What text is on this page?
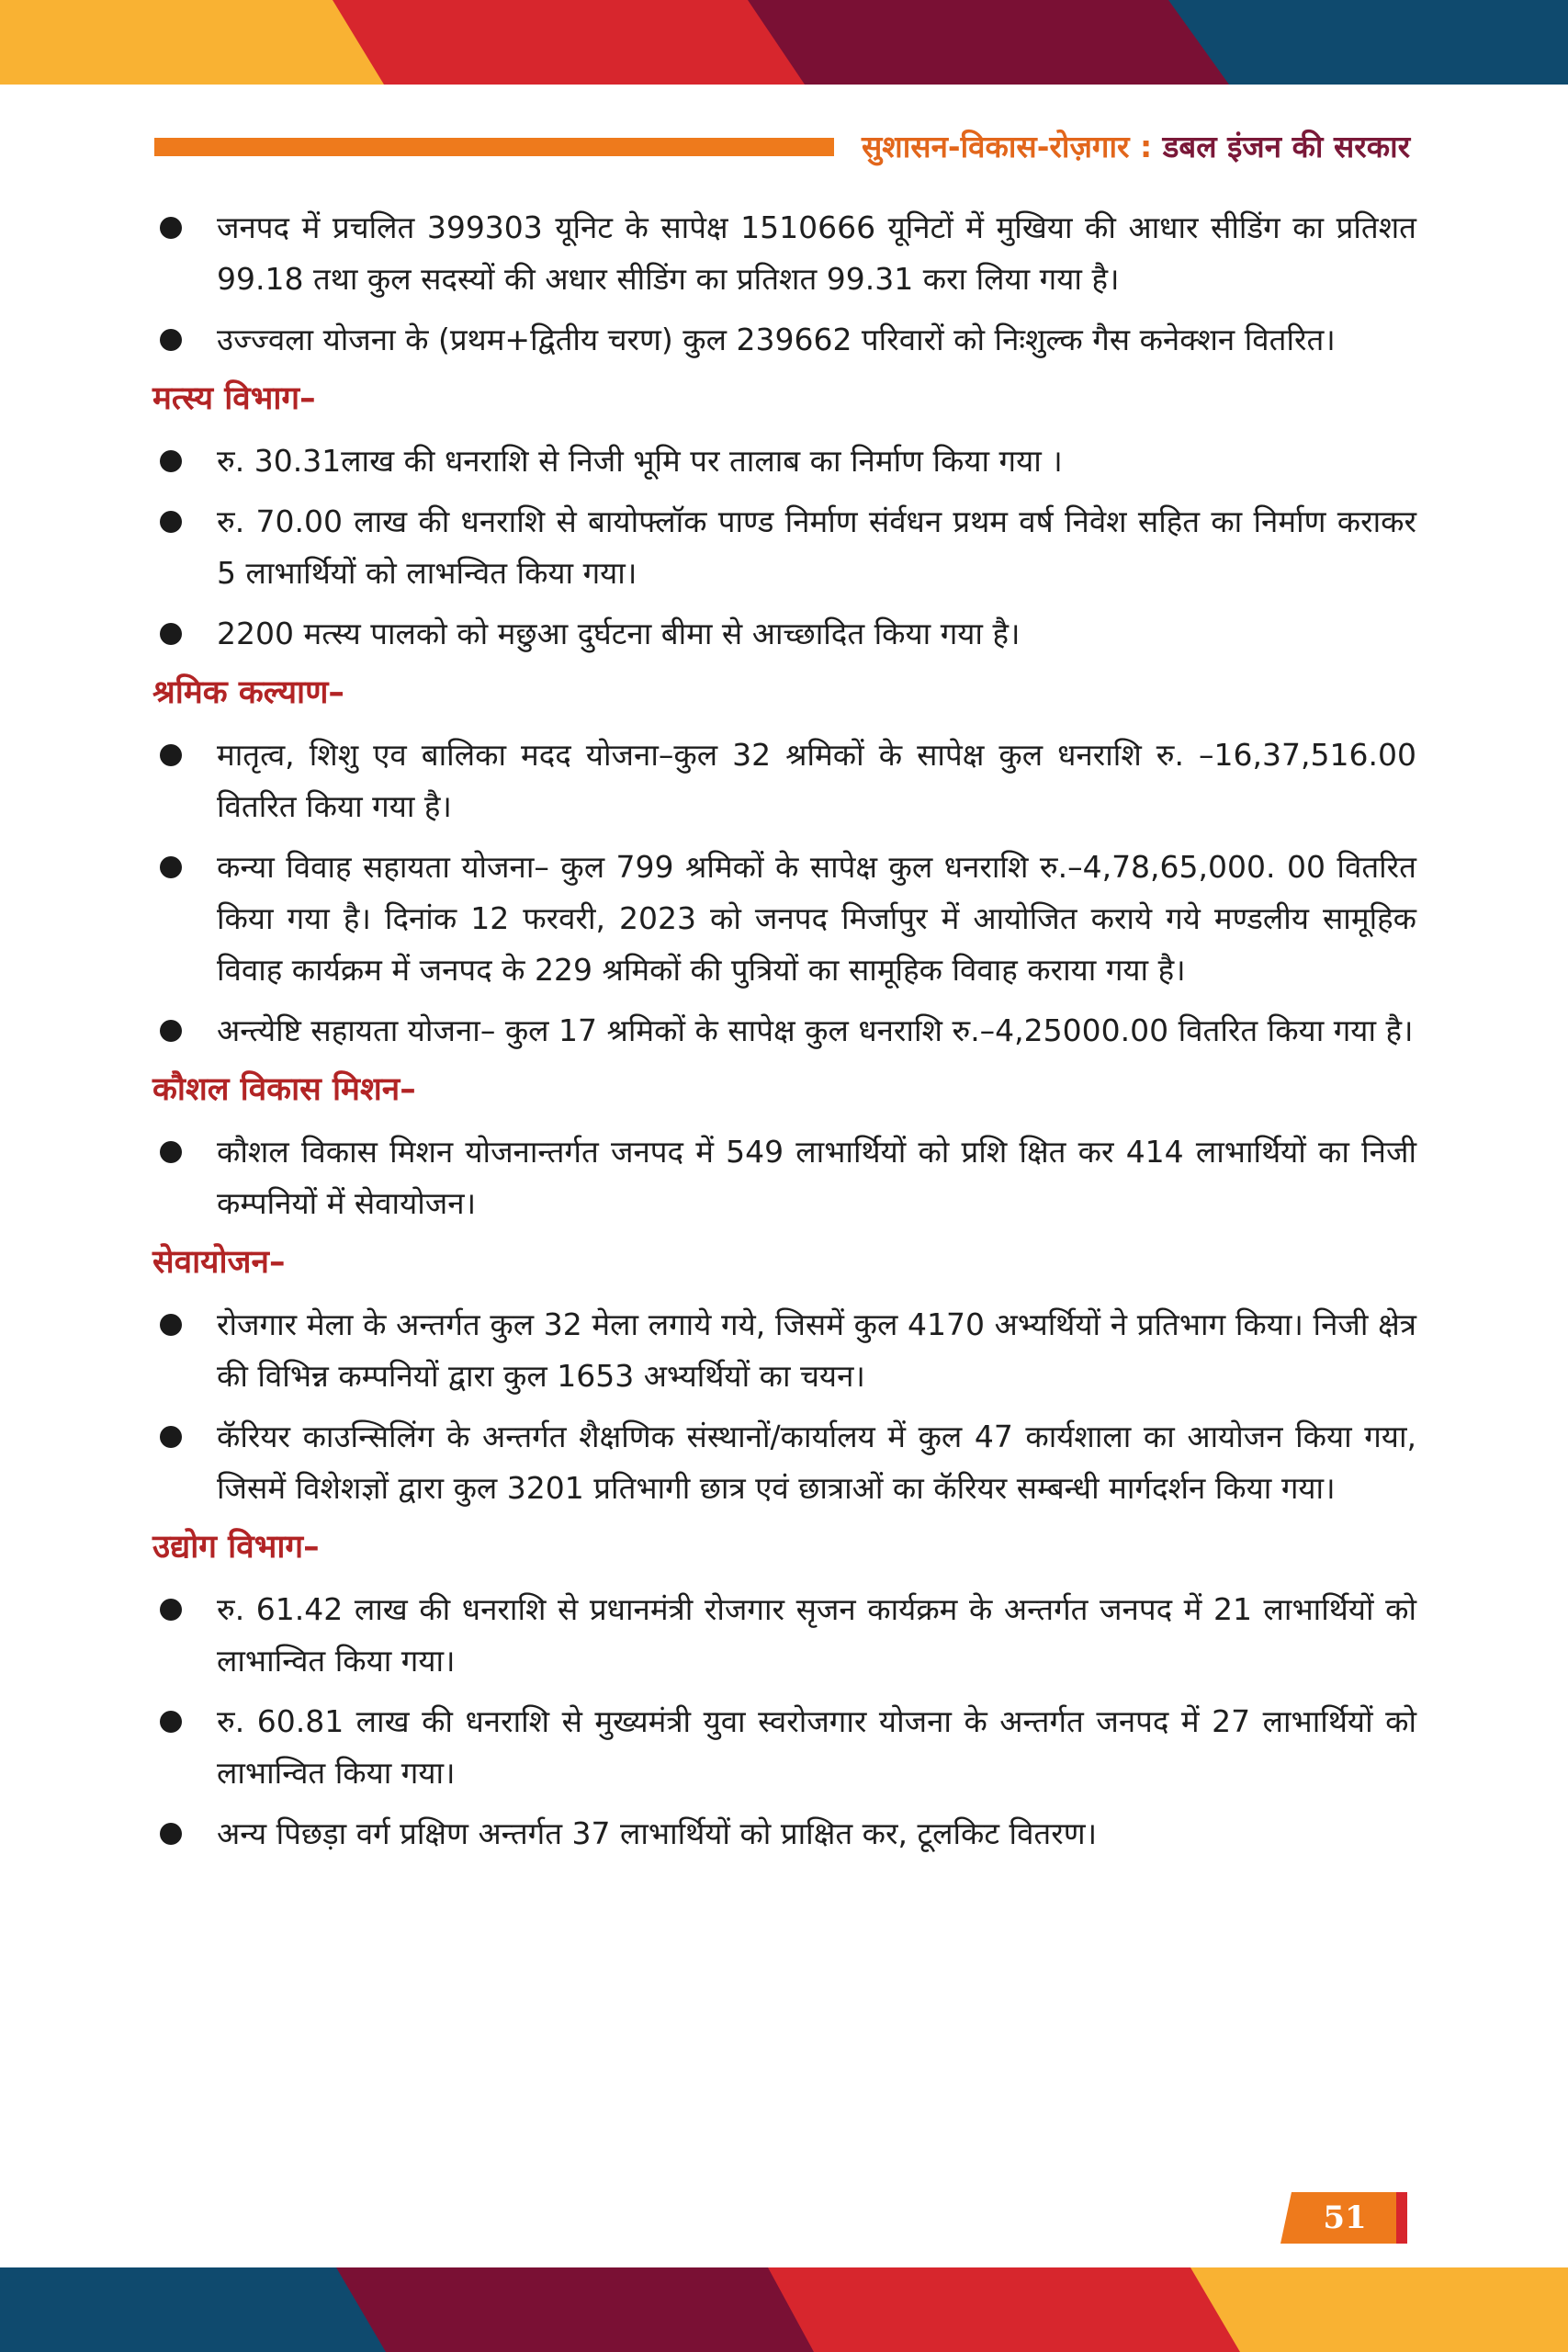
सुशासन-विकास-रोज़गार : डबल इंजन की सरकार
जनपद में प्रचलित 399303 यूनिट के सापेक्ष 1510666 यूनिटों में मुखिया की आधार सीडिंग का प्रतिशत 99.18 तथा कुल सदस्यों की अधार सीडिंग का प्रतिशत 99.31 करा लिया गया है।
उज्ज्वला योजना के (प्रथम+द्वितीय चरण) कुल 239662 परिवारों को निःशुल्क गैस कनेक्शन वितरित।
मत्स्य विभाग–
रु. 30.31लाख की धनराशि से निजी भूमि पर तालाब का निर्माण किया गया ।
रु. 70.00 लाख की धनराशि से बायोफ्लॉक पाण्ड निर्माण संर्वधन प्रथम वर्ष निवेश सहित का निर्माण कराकर 5 लाभार्थियों को लाभन्वित किया गया।
2200 मत्स्य पालको को मछुआ दुर्घटना बीमा से आच्छादित किया गया है।
श्रमिक कल्याण–
मातृत्व, शिशु एव बालिका मदद योजना–कुल 32 श्रमिकों के सापेक्ष कुल धनराशि रु. –16,37,516.00 वितरित किया गया है।
कन्या विवाह सहायता योजना– कुल 799 श्रमिकों के सापेक्ष कुल धनराशि रु.–4,78,65,000. 00 वितरित किया गया है। दिनांक 12 फरवरी, 2023 को जनपद मिर्जापुर में आयोजित कराये गये मण्डलीय सामूहिक विवाह कार्यक्रम में जनपद के 229 श्रमिकों की पुत्रियों का सामूहिक विवाह कराया गया है।
अन्त्येष्टि सहायता योजना– कुल 17 श्रमिकों के सापेक्ष कुल धनराशि रु.–4,25000.00 वितरित किया गया है।
कौशल विकास मिशन–
कौशल विकास मिशन योजनान्तर्गत जनपद में 549 लाभार्थियों को प्रशि क्षित कर 414 लाभार्थियों का निजी कम्पनियों में सेवायोजन।
सेवायोजन–
रोजगार मेला के अन्तर्गत कुल 32 मेला लगाये गये, जिसमें कुल 4170 अभ्यर्थियों ने प्रतिभाग किया। निजी क्षेत्र की विभिन्न कम्पनियों द्वारा कुल 1653 अभ्यर्थियों का चयन।
कॅरियर काउन्सिलिंग के अन्तर्गत शैक्षणिक संस्थानों/कार्यालय में कुल 47 कार्यशाला का आयोजन किया गया, जिसमें विशेशज्ञों द्वारा कुल 3201 प्रतिभागी छात्र एवं छात्राओं का कॅरियर सम्बन्धी मार्गदर्शन किया गया।
उद्योग विभाग–
रु. 61.42 लाख की धनराशि से प्रधानमंत्री रोजगार सृजन कार्यक्रम के अन्तर्गत जनपद में 21 लाभार्थियों को लाभान्वित किया गया।
रु. 60.81 लाख की धनराशि से मुख्यमंत्री युवा स्वरोजगार योजना के अन्तर्गत जनपद में 27 लाभार्थियों को लाभान्वित किया गया।
अन्य पिछड़ा वर्ग प्रक्षिण अन्तर्गत 37 लाभार्थियों को प्राक्षित कर, टूलकिट वितरण।
51
